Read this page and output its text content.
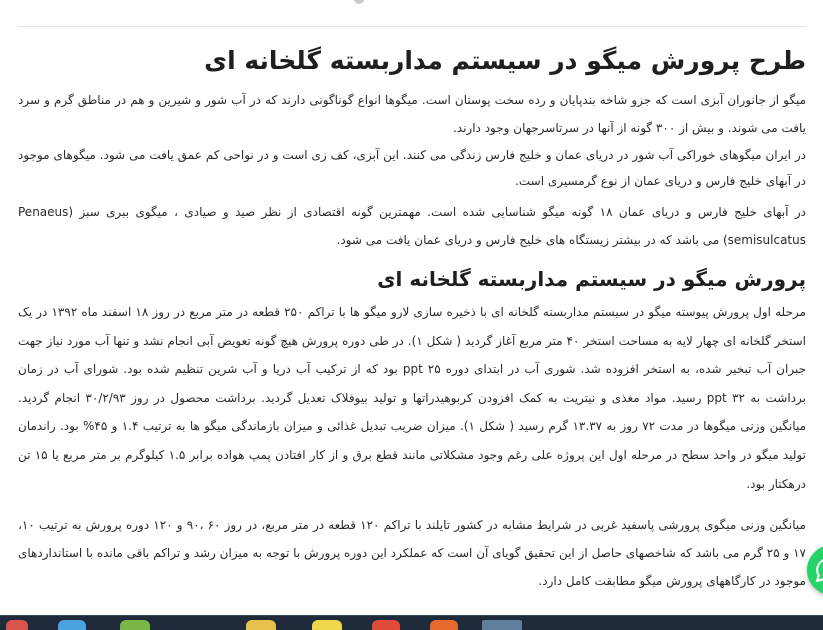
طرح پرورش میگو در سیستم مداربسته گلخانه ای

میگو از جانوران آبزی است که جزو شاخه بندپایان و رده سخت پوستان است. میگوها انواع گوناگونی دارند که در آب شور و شیرین و هم در مناطق گرم و سرد یافت می شوند. و بیش از ۳۰۰ گونه از آنها در سرتاسرجهان وجود دارند.

در ایران میگوهای خوراکی آب شور در دریای عمان و خلیج فارس زندگی می کنند. این آبزی، کف زی است و در نواحی کم عمق یافت می شود. میگوهای موجود در آبهای خلیج فارس و دریای عمان از نوع گرمسیری است.

در آبهای خلیج فارس و دریای عمان ۱۸ گونه میگو شناسایی شده است. مهمترین گونه اقتصادی از نظر صید و صیادی ، میگوی ببری سبز (Penaeus semisulcatus) می باشد که در بیشتر زیستگاه های خلیج فارس و دریای عمان یافت می شود.

پرورش میگو در سیستم مداربسته گلخانه ای

مرحله اول پرورش پیوسته میگو در سیستم مداربسته گلخانه ای با ذخیره سازی لارو میگو ها با تراکم ۲۵۰ قطعه در متر مربع در روز ۱۸ اسفند ماه ۱۳۹۲ در یک استخر گلخانه ای چهار لایه به مساحت استخر ۴۰ متر مربع آغاز گردید ( شکل ۱). در طی دوره پرورش هیچ گونه تعویض آبی انجام نشد و تنها آب مورد نیاز جهت جبران آب تبخیر شده، به استخر افزوده شد. شوری آب در ابتدای دوره ppt ۲۵ بود که از ترکیب آب دریا و آب شرین تنظیم شده بود. شورای آب در زمان برداشت به ppt ۳۲ رسید. مواد مغذی و نیتریت به کمک افزودن کربوهیدراتها و تولید بیوفلاک تعدیل گردید. برداشت محصول در روز ۳۰/۲/۹۳ انجام گردید. میانگین وزنی میگوها در مدت ۷۲ روز به ۱۳.۳۷ گرم رسید ( شکل ۱). میزان ضریب تبدیل غذائی و میزان بازماندگی میگو ها به ترتیب ۱.۴ و ۴۵% بود. راندمان تولید میگو در واحد سطح در مرحله اول این پروژه علی رغم وجود مشکلاتی مانند قطع برق و از کار افتادن پمپ هواده برابر ۱.۵ کیلوگرم بر متر مربع یا ۱۵ تن درهکتار بود.

میانگین وزنی میگوی پرورشی پاسفید غربی در شرایط مشابه در کشور تایلند با تراکم ۱۲۰ قطعه در متر مربع، در روز ۶۰ ،۹۰ و ۱۲۰ دوره پرورش به ترتیب ۱۰، ۱۷ و ۲۵ گرم می باشد که شاخصهای حاصل از این تحقیق گویای آن است که عملکرد این دوره پرورش با توجه به میزان رشد و تراکم باقی مانده با استانداردهای موجود در کارگاههای پرورش میگو مطابقت کامل دارد.
